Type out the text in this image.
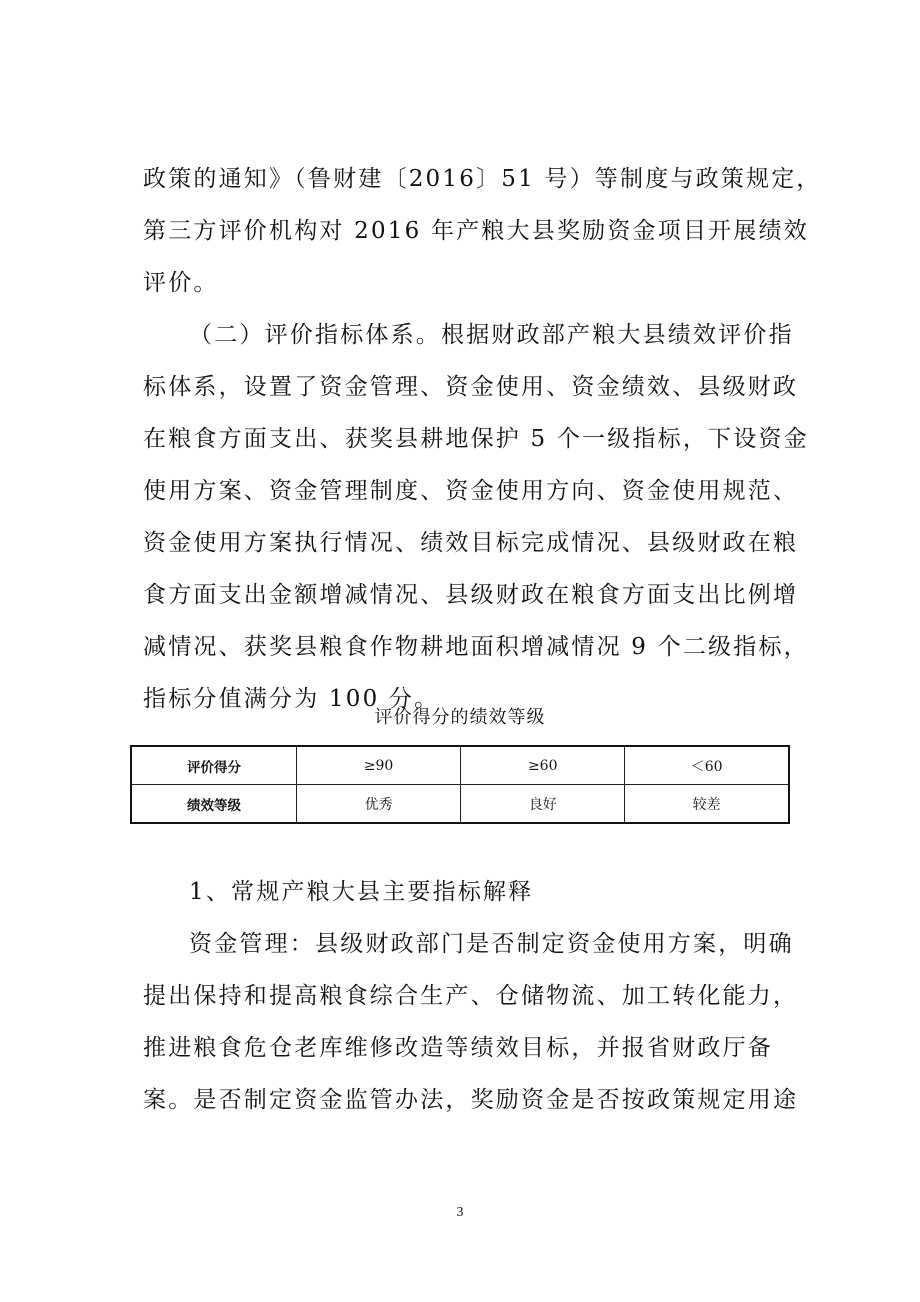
政策的通知》（鲁财建〔2016〕51 号）等制度与政策规定，
第三方评价机构对 2016 年产粮大县奖励资金项目开展绩效
评价。
（二）评价指标体系。根据财政部产粮大县绩效评价指
标体系，设置了资金管理、资金使用、资金绩效、县级财政
在粮食方面支出、获奖县耕地保护 5 个一级指标，下设资金
使用方案、资金管理制度、资金使用方向、资金使用规范、
资金使用方案执行情况、绩效目标完成情况、县级财政在粮
食方面支出金额增减情况、县级财政在粮食方面支出比例增
减情况、获奖县粮食作物耕地面积增减情况 9 个二级指标，
指标分值满分为 100 分。
评价得分的绩效等级
评价得分	≥90	≥60	＜60
绩效等级	优秀	良好	较差
1、常规产粮大县主要指标解释
资金管理：县级财政部门是否制定资金使用方案，明确
提出保持和提高粮食综合生产、仓储物流、加工转化能力，
推进粮食危仓老库维修改造等绩效目标，并报省财政厅备
案。是否制定资金监管办法，奖励资金是否按政策规定用途
3
